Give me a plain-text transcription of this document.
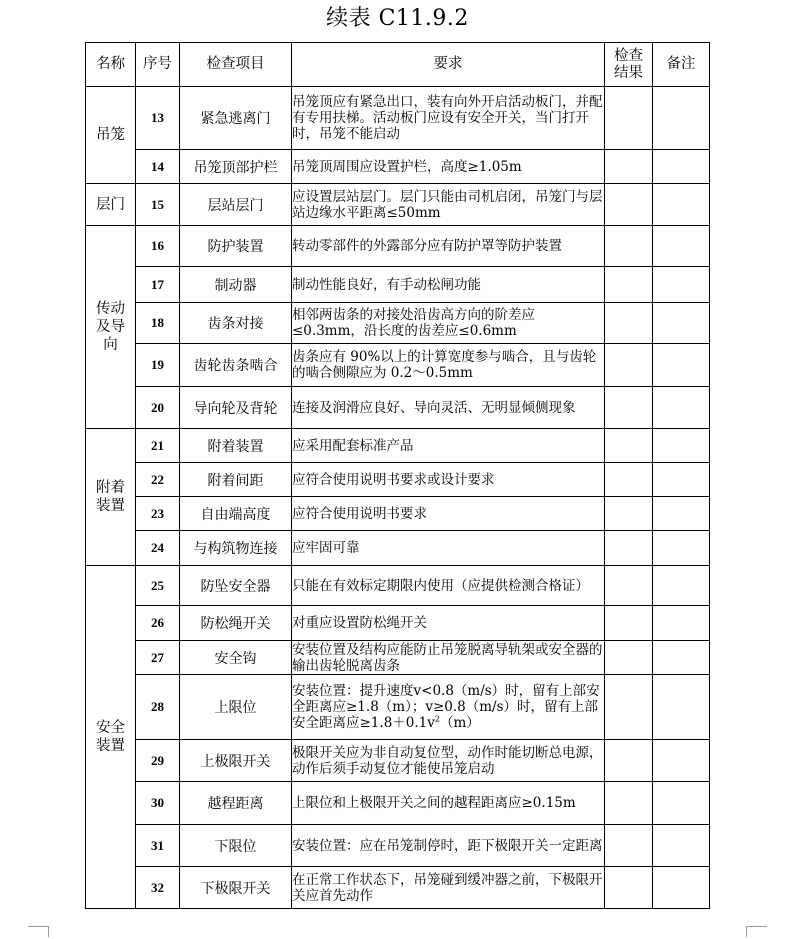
续表 C11.9.2
名称	序号	检查项目	要求	检查结果	备注
吊笼	13	紧急逃离门	吊笼顶应有紧急出口，装有向外开启活动板门，并配有专用扶梯。活动板门应设有安全开关，当门打开时，吊笼不能启动		
	14	吊笼顶部护栏	吊笼顶周围应设置护栏，高度≥1.05m		
层门	15	层站层门	应设置层站层门。层门只能由司机启闭，吊笼门与层站边缘水平距离≤50mm		
传动及导向	16	防护装置	转动零部件的外露部分应有防护罩等防护装置		
	17	制动器	制动性能良好，有手动松闸功能		
	18	齿条对接	相邻两齿条的对接处沿齿高方向的阶差应≤0.3mm，沿长度的齿差应≤0.6mm		
	19	齿轮齿条啮合	齿条应有 90%以上的计算宽度参与啮合，且与齿轮的啮合侧隙应为 0.2～0.5mm		
	20	导向轮及背轮	连接及润滑应良好、导向灵活、无明显倾侧现象		
附着装置	21	附着装置	应采用配套标准产品		
	22	附着间距	应符合使用说明书要求或设计要求		
	23	自由端高度	应符合使用说明书要求		
	24	与构筑物连接	应牢固可靠		
安全装置	25	防坠安全器	只能在有效标定期限内使用（应提供检测合格证）		
	26	防松绳开关	对重应设置防松绳开关		
	27	安全钩	安装位置及结构应能防止吊笼脱离导轨架或安全器的输出齿轮脱离齿条		
	28	上限位	安装位置：提升速度v<0.8（m/s）时，留有上部安全距离应≥1.8（m）；v≥0.8（m/s）时，留有上部安全距离应$\ge 1.8+0.1v^2(m)$		
	29	上极限开关	极限开关应为非自动复位型，动作时能切断总电源，动作后须手动复位才能使吊笼启动		
	30	越程距离	上限位和上极限开关之间的越程距离应≥0.15m		
	31	下限位	安装位置：应在吊笼制停时，距下极限开关一定距离		
	32	下极限开关	在正常工作状态下，吊笼碰到缓冲器之前，下极限开关应首先动作		
